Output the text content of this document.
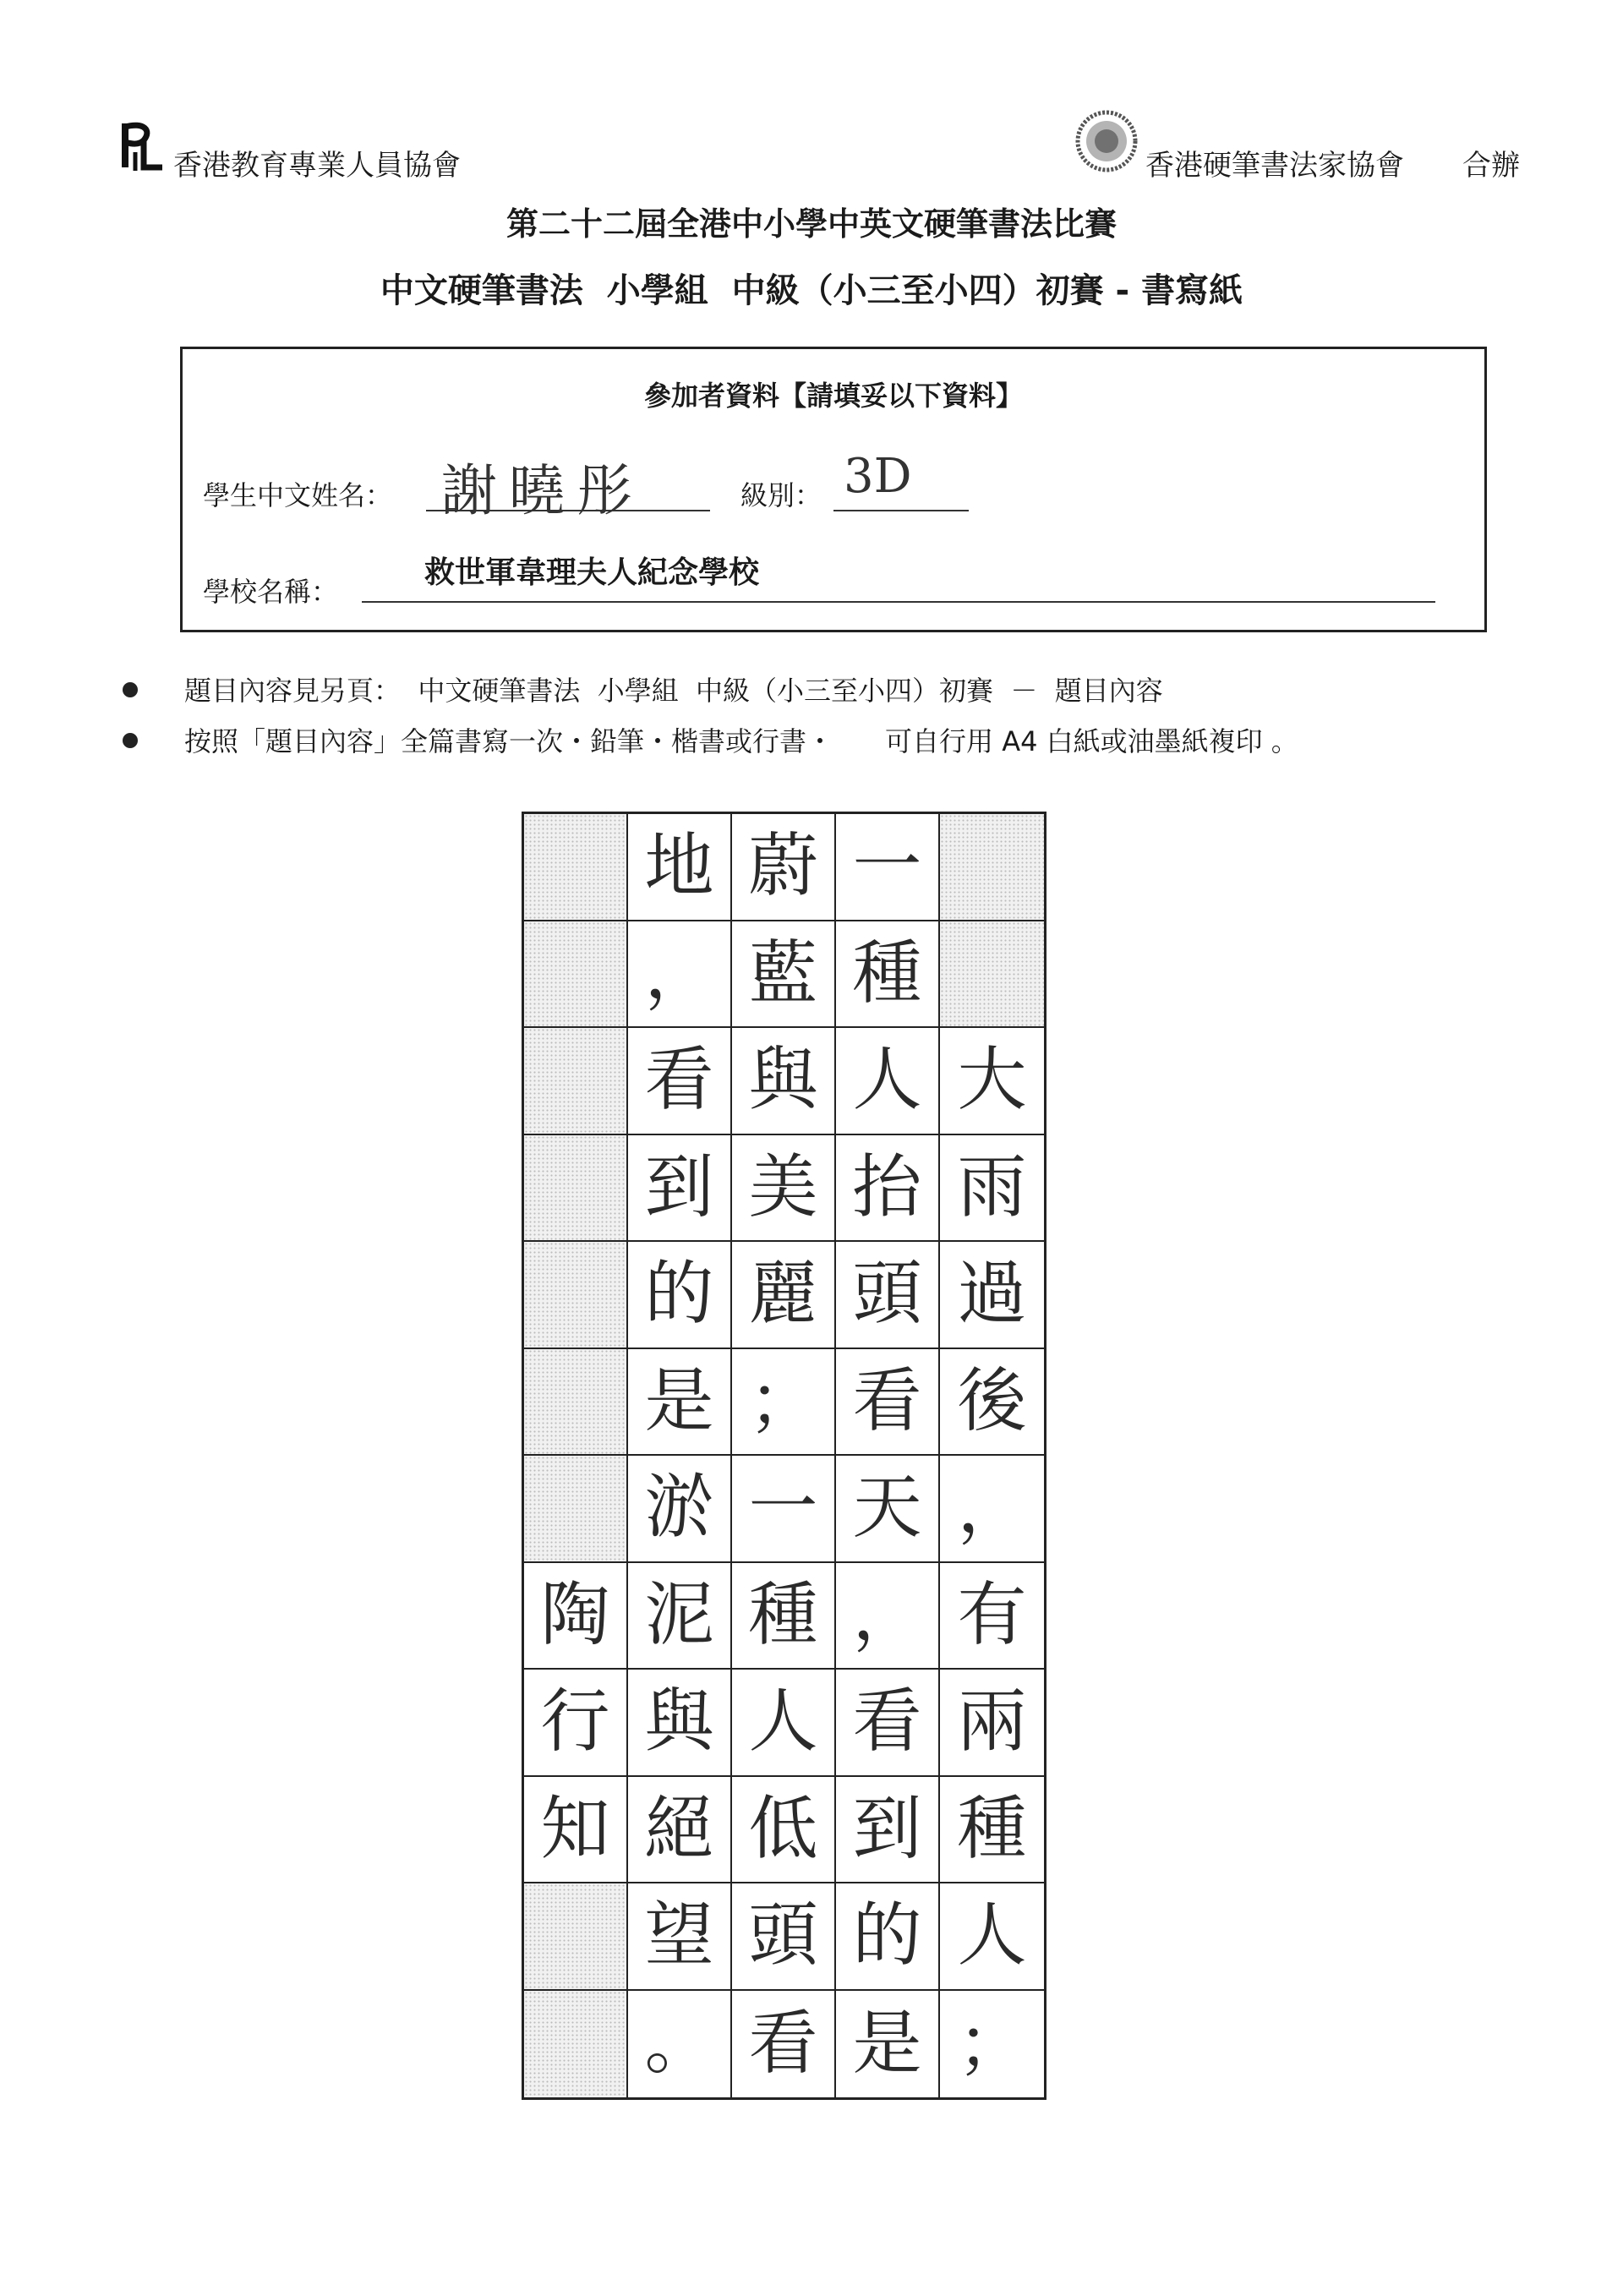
香港教育專業人員協會	香港硬筆書法家協會 合辦
第二十二屆全港中小學中英文硬筆書法比賽
中文硬筆書法  小學組  中級（小三至小四）初賽 - 書寫紙
參加者資料【請填妥以下資料】
學生中文姓名： 謝曉彤	級別： 3D
學校名稱：
救世軍韋理夫人紀念學校
題目內容見另頁：  中文硬筆書法  小學組  中級（小三至小四）初賽  －  題目內容
按照「題目內容」全篇書寫一次・鉛筆・楷書或行書・      可自行用 A4 白紙或油墨紙複印 。
大
雨
過
後
，
有
兩
種
人
；
一
種
人
抬
頭
看
天
，
看
到
的
是
蔚
藍
與
美
麗
；
一
種
人
低
頭
看
地
，
看
到
的
是
淤
泥
與
絕
望
。
陶
行
知
